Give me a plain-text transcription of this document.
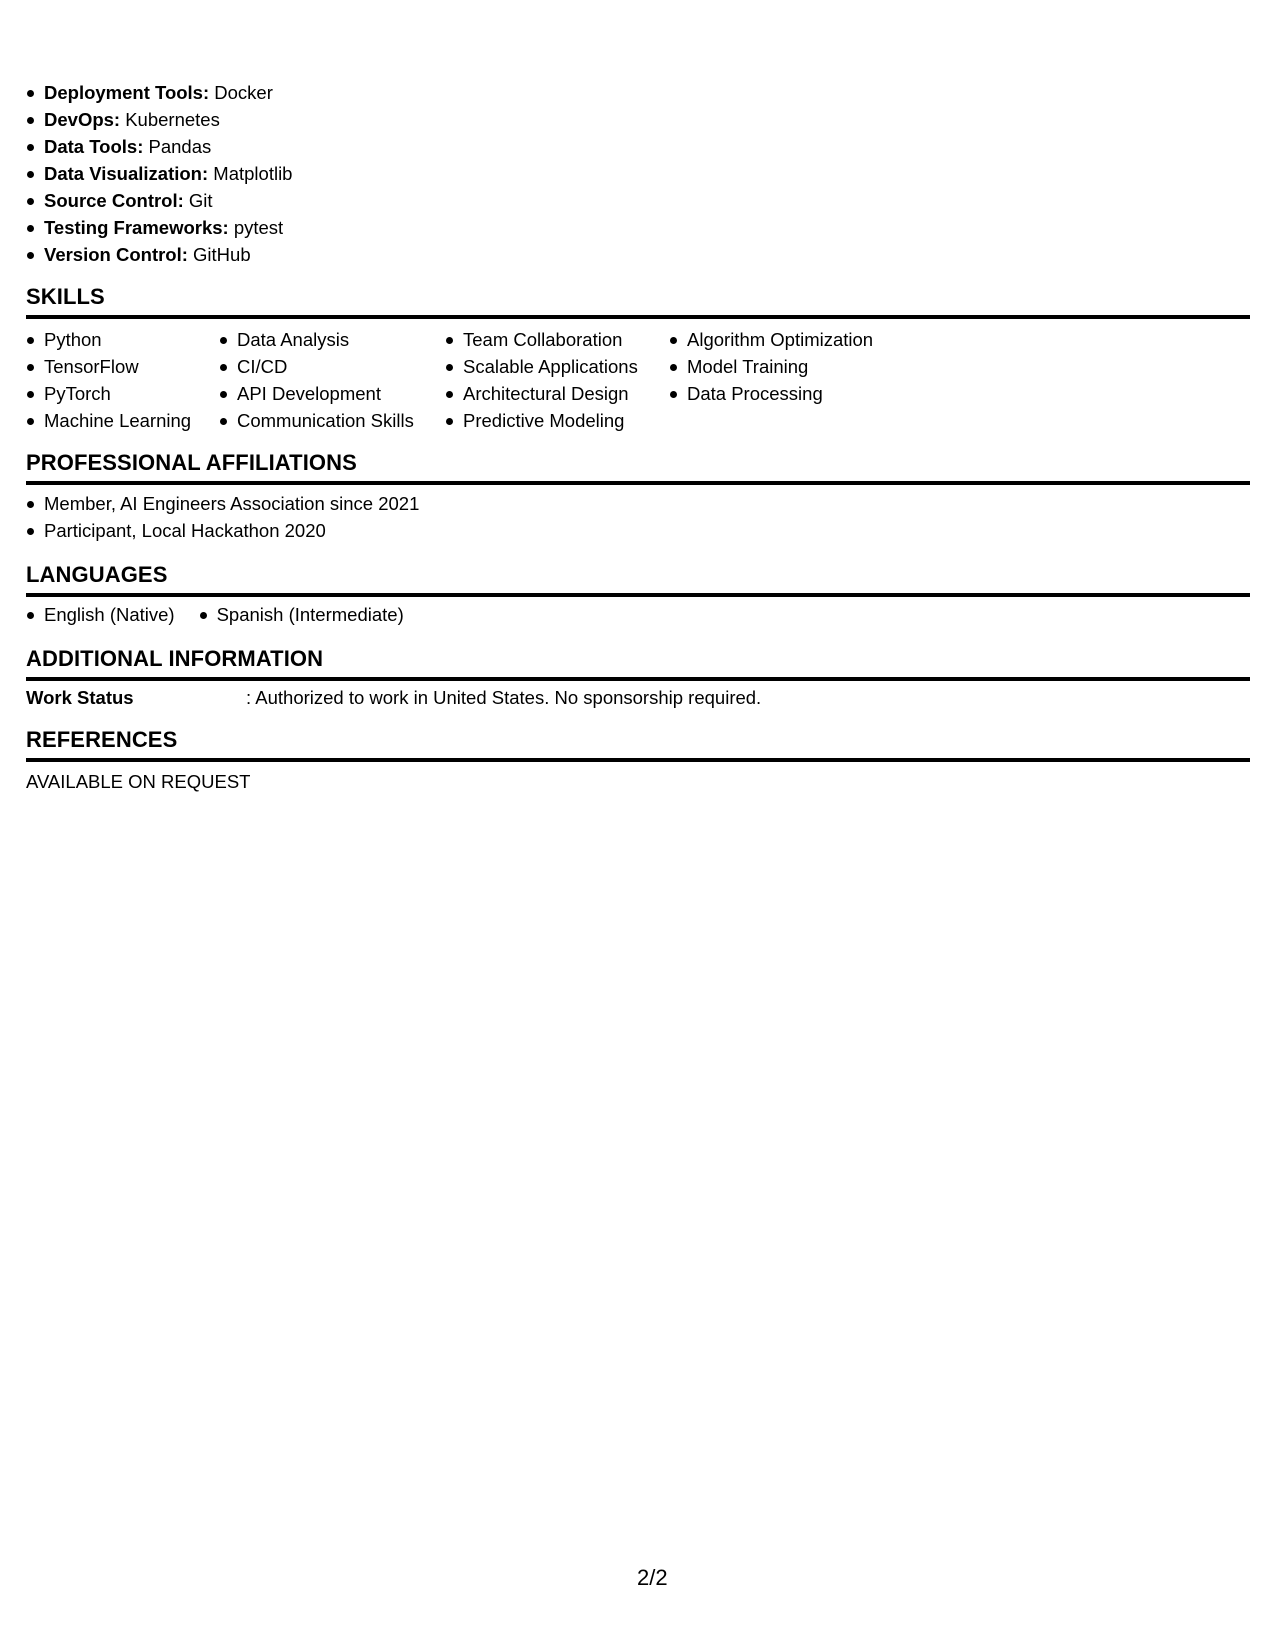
Deployment Tools: Docker
DevOps: Kubernetes
Data Tools: Pandas
Data Visualization: Matplotlib
Source Control: Git
Testing Frameworks: pytest
Version Control: GitHub
SKILLS
Python
TensorFlow
PyTorch
Machine Learning
Data Analysis
CI/CD
API Development
Communication Skills
Team Collaboration
Scalable Applications
Architectural Design
Predictive Modeling
Algorithm Optimization
Model Training
Data Processing
PROFESSIONAL AFFILIATIONS
Member, AI Engineers Association since 2021
Participant, Local Hackathon 2020
LANGUAGES
English (Native)	Spanish (Intermediate)
ADDITIONAL INFORMATION
Work Status	: Authorized to work in United States. No sponsorship required.
REFERENCES
AVAILABLE ON REQUEST
2/2
